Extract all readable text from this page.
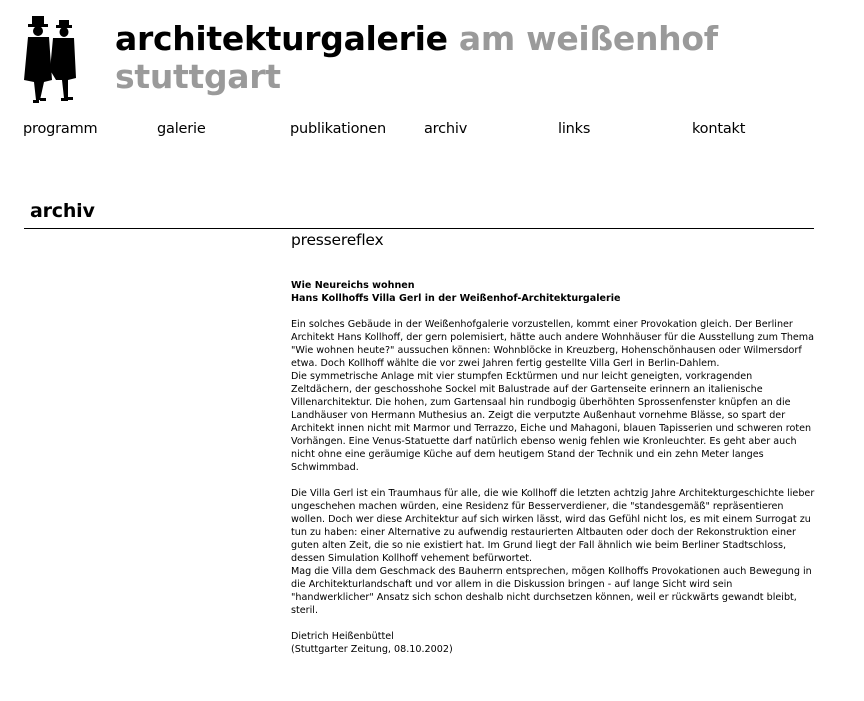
architekturgalerie am weißenhof
stuttgart
programm	galerie	publikationen	archiv	links	kontakt
archiv
pressereflex

Wie Neureichs wohnen

Hans Kollhoffs Villa Gerl in der Weißenhof-Architekturgalerie

Ein solches Gebäude in der Weißenhofgalerie vorzustellen, kommt einer Provokation gleich. Der Berliner Architekt Hans Kollhoff, der gern polemisiert, hätte auch andere Wohnhäuser für die Ausstellung zum Thema "Wie wohnen heute?" aussuchen können: Wohnblöcke in Kreuzberg, Hohenschönhausen oder Wilmersdorf etwa. Doch Kollhoff wählte die vor zwei Jahren fertig gestellte Villa Gerl in Berlin-Dahlem.

Die symmetrische Anlage mit vier stumpfen Ecktürmen und nur leicht geneigten, vorkragenden Zeltdächern, der geschosshohe Sockel mit Balustrade auf der Gartenseite erinnern an italienische Villenarchitektur. Die hohen, zum Gartensaal hin rundbogig überhöhten Sprossenfenster knüpfen an die Landhäuser von Hermann Muthesius an. Zeigt die verputzte Außenhaut vornehme Blässe, so spart der Architekt innen nicht mit Marmor und Terrazzo, Eiche und Mahagoni, blauen Tapisserien und schweren roten Vorhängen. Eine Venus-Statuette darf natürlich ebenso wenig fehlen wie Kronleuchter. Es geht aber auch nicht ohne eine geräumige Küche auf dem heutigem Stand der Technik und ein zehn Meter langes Schwimmbad.

Die Villa Gerl ist ein Traumhaus für alle, die wie Kollhoff die letzten achtzig Jahre Architekturgeschichte lieber ungeschehen machen würden, eine Residenz für Besserverdiener, die "standesgemäß" repräsentieren wollen. Doch wer diese Architektur auf sich wirken lässt, wird das Gefühl nicht los, es mit einem Surrogat zu tun zu haben: einer Alternative zu aufwendig restaurierten Altbauten oder doch der Rekonstruktion einer guten alten Zeit, die so nie existiert hat. Im Grund liegt der Fall ähnlich wie beim Berliner Stadtschloss, dessen Simulation Kollhoff vehement befürwortet.

Mag die Villa dem Geschmack des Bauherrn entsprechen, mögen Kollhoffs Provokationen auch Bewegung in die Architekturlandschaft und vor allem in die Diskussion bringen - auf lange Sicht wird sein "handwerklicher" Ansatz sich schon deshalb nicht durchsetzen können, weil er rückwärts gewandt bleibt, steril.

Dietrich Heißenbüttel

(Stuttgarter Zeitung, 08.10.2002)
